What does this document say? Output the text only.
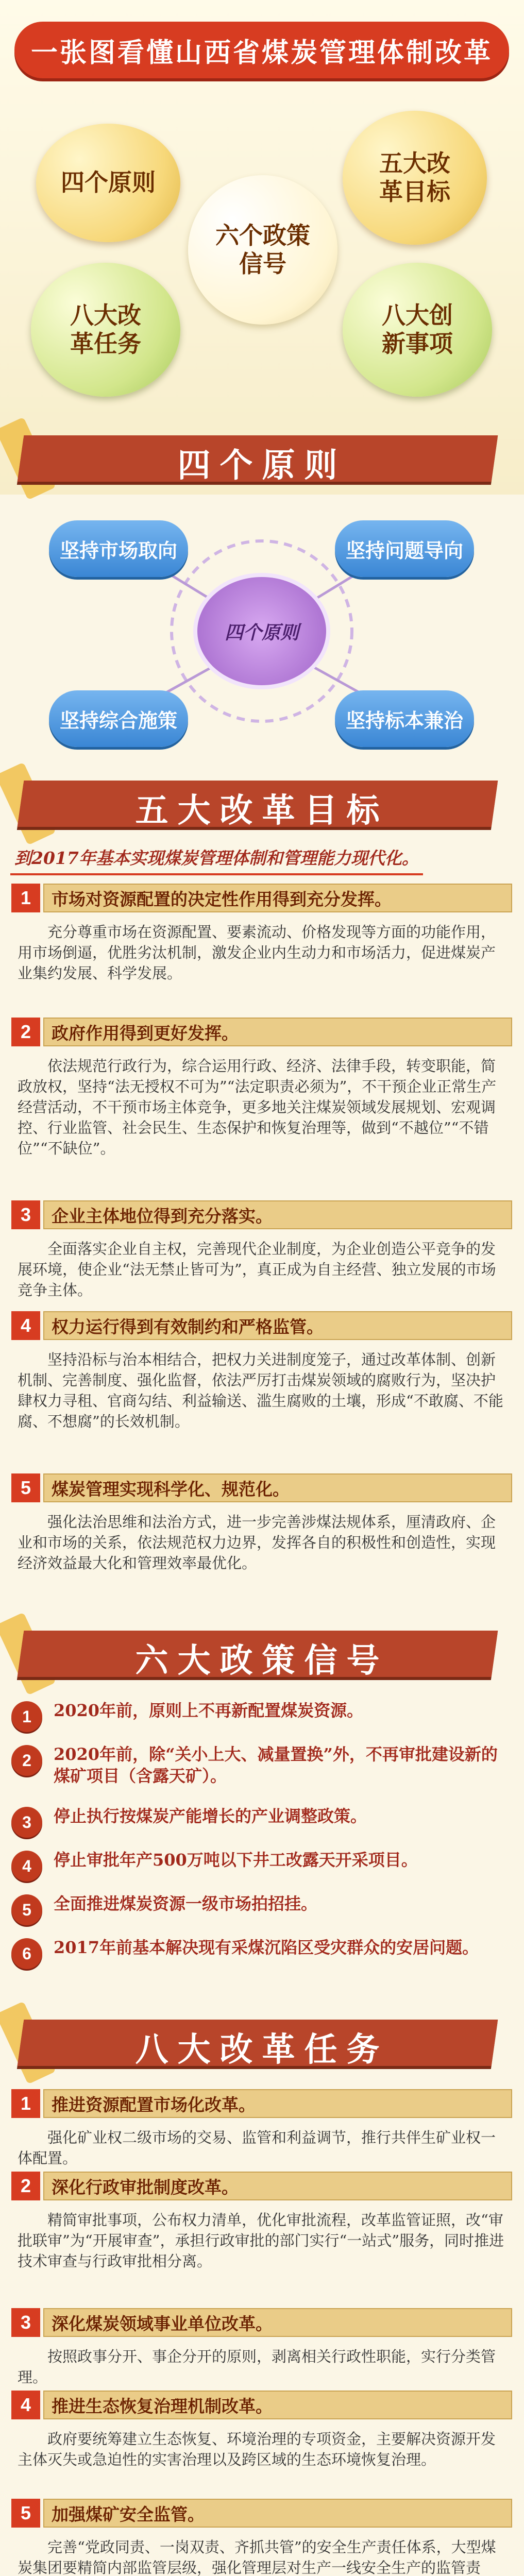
一张图看懂山西省煤炭管理体制改革
四个原则
五大改革目标
六个政策信号
八大改革任务
八大创新事项
四个原则
四个原则
坚持市场取向	坚持问题导向
坚持综合施策	坚持标本兼治
五大改革目标
到2017年基本实现煤炭管理体制和管理能力现代化。
1	市场对资源配置的决定性作用得到充分发挥。
充分尊重市场在资源配置、要素流动、价格发现等方面的功能作用，用市场倒逼，优胜劣汰机制，激发企业内生动力和市场活力，促进煤炭产业集约发展、科学发展。
2	政府作用得到更好发挥。
依法规范行政行为，综合运用行政、经济、法律手段，转变职能，简政放权，坚持“法无授权不可为”“法定职责必须为”，不干预企业正常生产经营活动，不干预市场主体竞争，更多地关注煤炭领域发展规划、宏观调控、行业监管、社会民生、生态保护和恢复治理等，做到“不越位”“不错位”“不缺位”。
3	企业主体地位得到充分落实。
全面落实企业自主权，完善现代企业制度，为企业创造公平竞争的发展环境，使企业“法无禁止皆可为”，真正成为自主经营、独立发展的市场竞争主体。
4	权力运行得到有效制约和严格监管。
坚持沿标与治本相结合，把权力关进制度笼子，通过改革体制、创新机制、完善制度、强化监督，依法严厉打击煤炭领域的腐败行为，坚决护肆权力寻租、官商勾结、利益输送、滥生腐败的土壤，形成“不敢腐、不能腐、不想腐”的长效机制。
5	煤炭管理实现科学化、规范化。
强化法治思维和法治方式，进一步完善涉煤法规体系，厘清政府、企业和市场的关系，依法规范权力边界，发挥各自的积极性和创造性，实现经济效益最大化和管理效率最优化。
六大政策信号
1	2020年前，原则上不再新配置煤炭资源。
2	2020年前，除“关小上大、减量置换”外，不再审批建设新的煤矿项目（含露天矿）。
3	停止执行按煤炭产能增长的产业调整政策。
4	停止审批年产500万吨以下井工改露天开采项目。
5	全面推进煤炭资源一级市场拍招挂。
6	2017年前基本解决现有采煤沉陷区受灾群众的安居问题。
八大改革任务
1	推进资源配置市场化改革。
强化矿业权二级市场的交易、监管和利益调节，推行共伴生矿业权一体配置。
2	深化行政审批制度改革。
精简审批事项，公布权力清单，优化审批流程，改革监管证照，改“审批联审”为“开展审查”，承担行政审批的部门实行“一站式”服务，同时推进技术审查与行政审批相分离。
3	深化煤炭领域事业单位改革。
按照政事分开、事企分开的原则，剥离相关行政性职能，实行分类管理。
4	推进生态恢复治理机制改革。
政府要统筹建立生态恢复、环境治理的专项资金，主要解决资源开发主体灭失或急迫性的实害治理以及跨区域的生态环境恢复治理。
5	加强煤矿安全监管。
完善“党政同责、一岗双责、齐抓共管”的安全生产责任体系，大型煤炭集团要精简内部监管层级，强化管理层对生产一线安全生产的监管责
